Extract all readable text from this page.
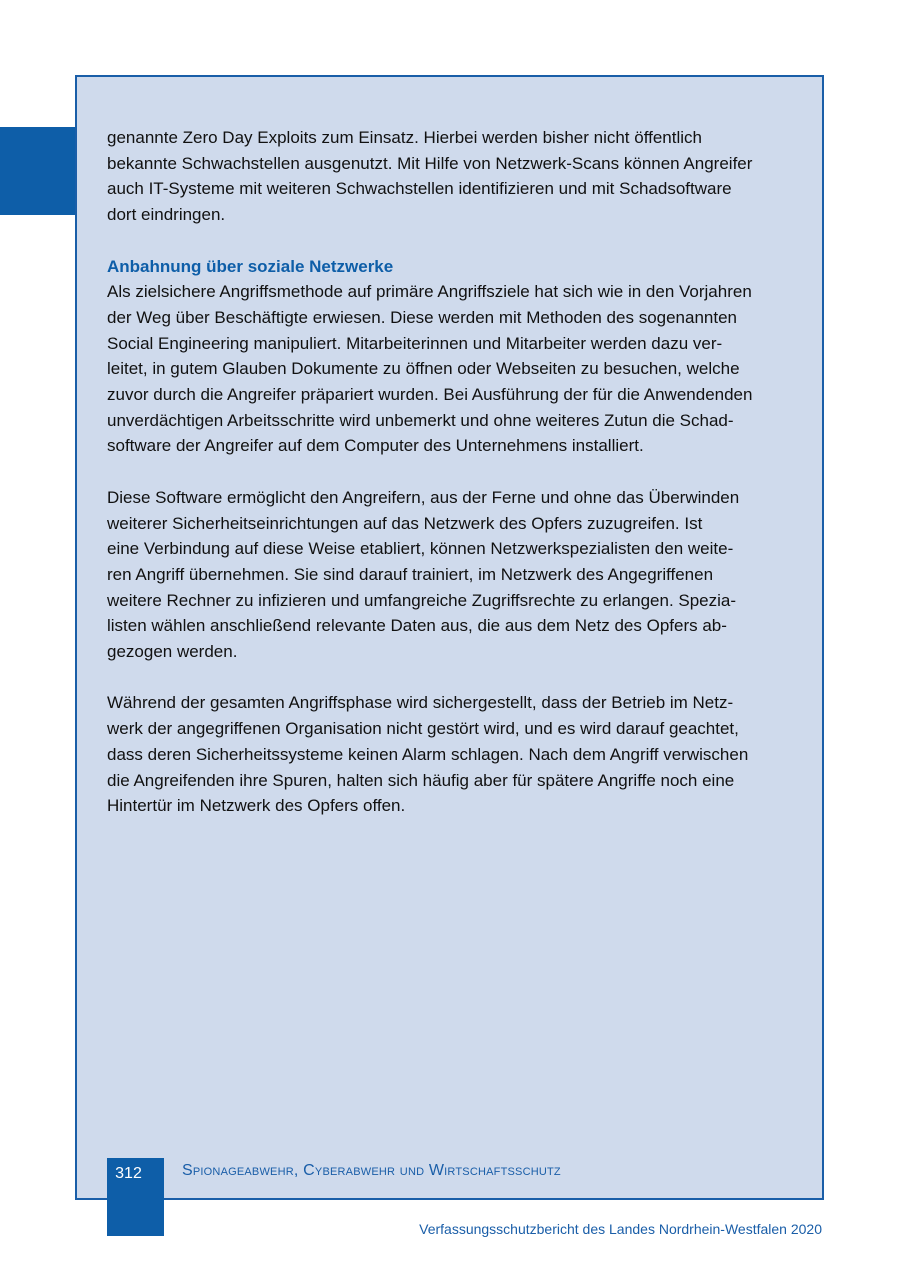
genannte Zero Day Exploits zum Einsatz. Hierbei werden bisher nicht öffentlich
bekannte Schwachstellen ausgenutzt. Mit Hilfe von Netzwerk-Scans können Angreifer
auch IT-Systeme mit weiteren Schwachstellen identifizieren und mit Schadsoftware
dort eindringen.

Anbahnung über soziale Netzwerke

Als zielsichere Angriffsmethode auf primäre Angriffsziele hat sich wie in den Vorjahren
der Weg über Beschäftigte erwiesen. Diese werden mit Methoden des sogenannten
Social Engineering manipuliert. Mitarbeiterinnen und Mitarbeiter werden dazu ver-
leitet, in gutem Glauben Dokumente zu öffnen oder Webseiten zu besuchen, welche
zuvor durch die Angreifer präpariert wurden. Bei Ausführung der für die Anwendenden
unverdächtigen Arbeitsschritte wird unbemerkt und ohne weiteres Zutun die Schad-
software der Angreifer auf dem Computer des Unternehmens installiert.

Diese Software ermöglicht den Angreifern, aus der Ferne und ohne das Überwinden
weiterer Sicherheitseinrichtungen auf das Netzwerk des Opfers zuzugreifen. Ist
eine Verbindung auf diese Weise etabliert, können Netzwerkspezialisten den weite-
ren Angriff übernehmen. Sie sind darauf trainiert, im Netzwerk des Angegriffenen
weitere Rechner zu infizieren und umfangreiche Zugriffsrechte zu erlangen. Spezia-
listen wählen anschließend relevante Daten aus, die aus dem Netz des Opfers ab-
gezogen werden.

Während der gesamten Angriffsphase wird sichergestellt, dass der Betrieb im Netz-
werk der angegriffenen Organisation nicht gestört wird, und es wird darauf geachtet,
dass deren Sicherheitssysteme keinen Alarm schlagen. Nach dem Angriff verwischen
die Angreifenden ihre Spuren, halten sich häufig aber für spätere Angriffe noch eine
Hintertür im Netzwerk des Opfers offen.

312	Spionageabwehr, Cyberabwehr und Wirtschaftsschutz
Verfassungsschutzbericht des Landes Nordrhein-Westfalen 2020
